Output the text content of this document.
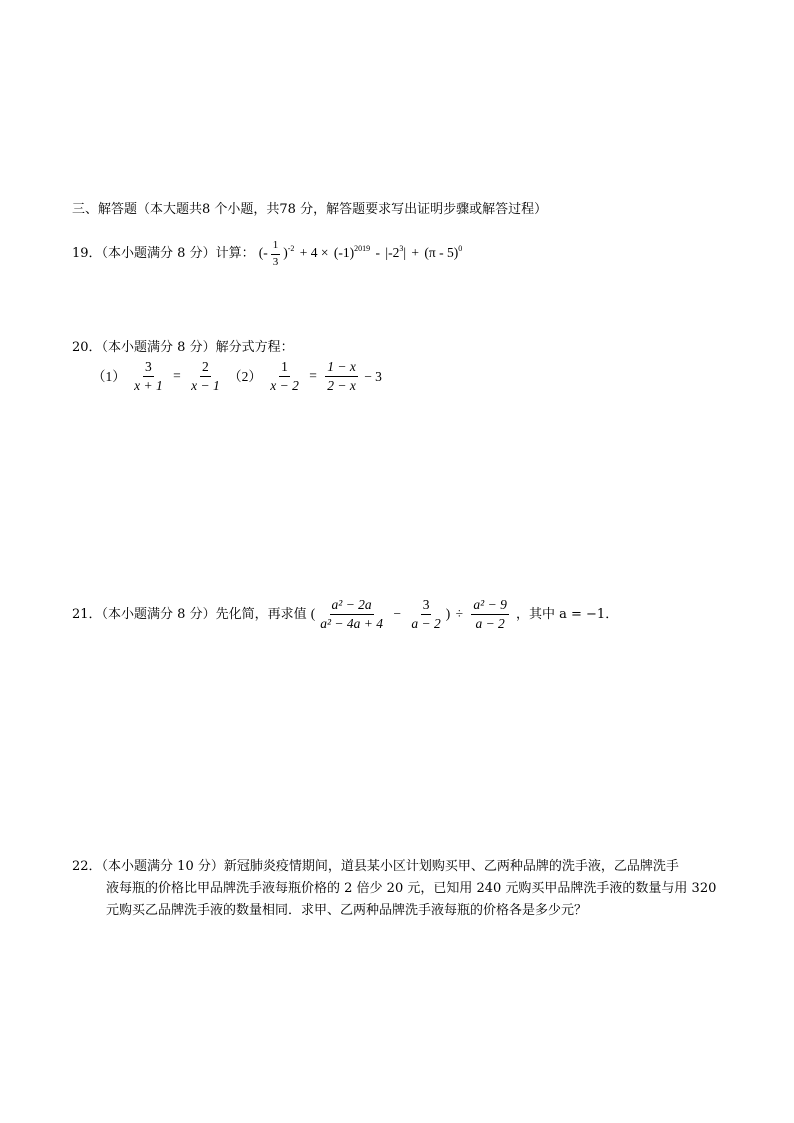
三、解答题（本大题共8 个小题，共78 分，解答题要求写出证明步骤或解答过程）
19．（本小题满分 8 分）计算： (- $\frac{1}{3} )^{-2} + 4 \times (-1)^{2019} - |-2^3| + (\pi - 5)^0$
20．（本小题满分 8 分）解分式方程：
$(1) \frac{3}{x + 1} = \frac{2}{x - 1} (2) \frac{1}{x - 2} = \frac{1 - x}{2 - x} - 3$
21．（本小题满分 8 分）先化简，再求值 ( $\frac{\text{a² − 2a}}{\text{a² − 4a + 4}} - \frac{3}{a - 2}$ ) ÷ $\frac{\text{a² − 9}}{a - 2}$ ，其中 a = −1．
22．（本小题满分 10 分）新冠肺炎疫情期间，道县某小区计划购买甲、乙两种品牌的洗手液，乙品牌洗手
液每瓶的价格比甲品牌洗手液每瓶价格的 2 倍少 20 元，已知用 240 元购买甲品牌洗手液的数量与用 320
元购买乙品牌洗手液的数量相同．求甲、乙两种品牌洗手液每瓶的价格各是多少元？
